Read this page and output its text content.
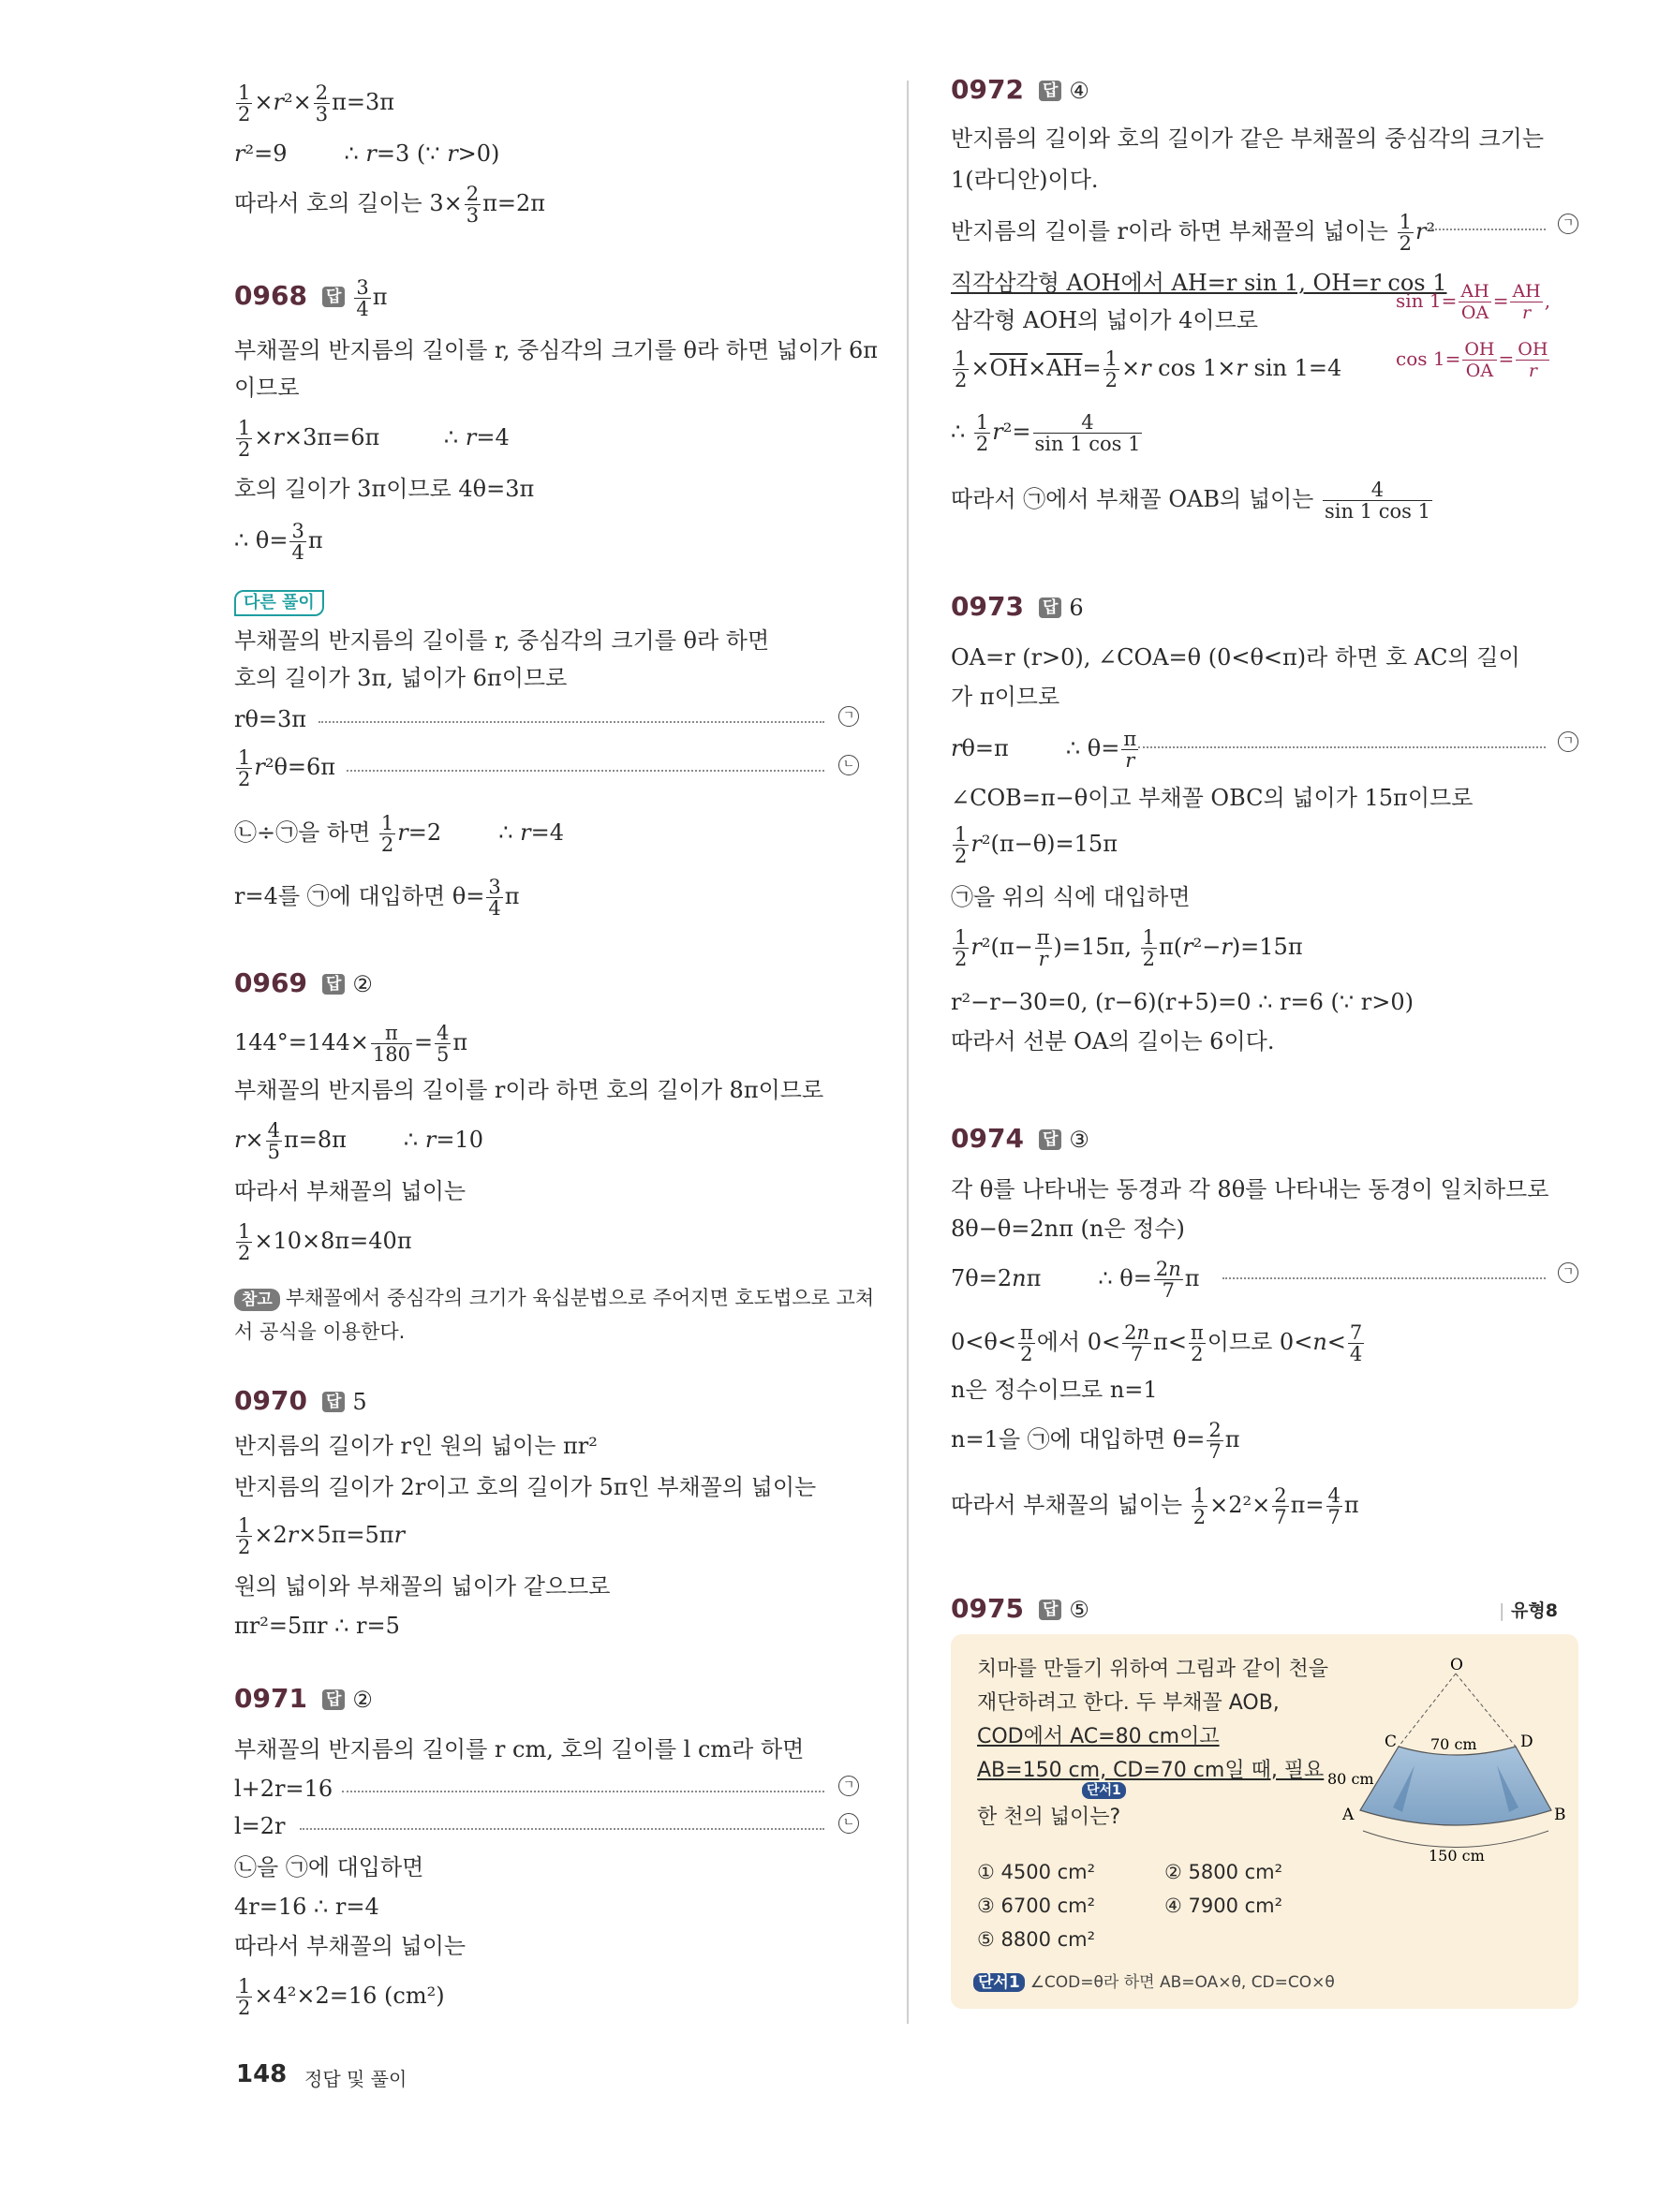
$\frac{1}{2} \times r^2\times \frac{2}{3} \pi=3\pi$
r²=9        ∴ r=3 (∵ r>0)
따라서 호의 길이는 $3\times \frac{2}{3} \pi=2\pi$
0968 답 $\frac{3}{4}$ π
부채꼴의 반지름의 길이를 r, 중심각의 크기를 θ라 하면 넓이가 6π
이므로
$\frac{1}{2} \times r\times 3\pi=6\pi$         ∴ r=4
호의 길이가 3π이므로 4θ=3π
∴ $\theta= \frac{3}{4}$ π
다른 풀이
부채꼴의 반지름의 길이를 r, 중심각의 크기를 θ라 하면
호의 길이가 3π, 넓이가 6π이므로
rθ=3π	ㄱ
$\frac{1}{2} r^2\theta=6\pi$	ㄴ
㉡÷㉠을 하면 $\frac{1}{2} r=2$        ∴ r=4
r=4를 ㉠에 대입하면 $\theta= \frac{3}{4}$ π
0969 답 ②
$144^\circ=144\times \frac{\pi}{180} = \frac{4}{5}$ π
부채꼴의 반지름의 길이를 r이라 하면 호의 길이가 8π이므로
$r\times \frac{4}{5} \pi=8\pi$        ∴ r=10
따라서 부채꼴의 넓이는
$\frac{1}{2} \times 10\times 8\pi=40\pi$
참고 부채꼴에서 중심각의 크기가 육십분법으로 주어지면 호도법으로 고쳐
서 공식을 이용한다.
0970 답 5
반지름의 길이가 r인 원의 넓이는 πr²
반지름의 길이가 2r이고 호의 길이가 5π인 부채꼴의 넓이는
$\frac{1}{2} \times 2r\times 5\pi=5\pi r$
원의 넓이와 부채꼴의 넓이가 같으므로
πr²=5πr ∴ r=5
0971 답 ②
부채꼴의 반지름의 길이를 r cm, 호의 길이를 l cm라 하면
l+2r=16	ㄱ
l=2r	ㄴ
㉡을 ㉠에 대입하면
4r=16 ∴ r=4
따라서 부채꼴의 넓이는
$\frac{1}{2} \times 4^2\times 2=16$ (cm²)
0972 답 ④
반지름의 길이와 호의 길이가 같은 부채꼴의 중심각의 크기는
1(라디안)이다.
반지름의 길이를 r이라 하면 부채꼴의 넓이는 $\frac{1}{2} r^2$	ㄱ
직각삼각형 AOH에서 AH=r sin 1, OH=r cos 1
삼각형 AOH의 넓이가 4이므로
$\sin 1= \frac{AH}{OA} = \frac{AH}{r}$ ,
$\frac{1}{2} \times\overline{OH}\times\overline{AH}= \frac{1}{2} \times r$ cos 1×r sin 1=4	$\cos 1= \frac{OH}{OA} = \frac{OH}{r}$
∴ $\frac{1}{2} r^2= \frac{4}{\sin 1 \cos 1}$
따라서 ㉠에서 부채꼴 OAB의 넓이는 $\frac{4}{\sin 1 \cos 1}$
0973 답 6
OA=r (r>0), ∠COA=θ (0<θ<π)라 하면 호 AC의 길이
가 π이므로
rθ=π        ∴ $\theta= \frac{\pi}{r}$	ㄱ
∠COB=π−θ이고 부채꼴 OBC의 넓이가 15π이므로
$\frac{1}{2} r^2(\pi-\theta)=15\pi$
㉠을 위의 식에 대입하면
$\frac{1}{2} r^2(\pi- \frac{\pi}{r} )=15\pi$, $\frac{1}{2} \pi(r^2-r)=15\pi$
r²−r−30=0, (r−6)(r+5)=0 ∴ r=6 (∵ r>0)
따라서 선분 OA의 길이는 6이다.
0974 답 ③
각 θ를 나타내는 동경과 각 8θ를 나타내는 동경이 일치하므로
8θ−θ=2nπ (n은 정수)
7θ=2nπ        ∴ $\theta= \frac{2n}{7}$ π	ㄱ
$0<\theta< \frac{\pi}{2}$ 에서 $0< \frac{2n}{7} \pi< \frac{\pi}{2}$ 이므로 $0<n< \frac{7}{4}$
n은 정수이므로 n=1
n=1을 ㉠에 대입하면 $\theta= \frac{2}{7}$ π
따라서 부채꼴의 넓이는 $\frac{1}{2} \times 2^2\times \frac{2}{7} \pi= \frac{4}{7}$ π
0975 답 ⑤	| 유형8
치마를 만들기 위하여 그림과 같이 천을
재단하려고 한다. 두 부채꼴 AOB,
COD에서 AC=80 cm이고
AB=150 cm, CD=70 cm일 때, 필요
단서1
한 천의 넓이는?
① 4500 cm²	② 5800 cm²
③ 6700 cm²	④ 7900 cm²
⑤ 8800 cm²
단서1 ∠COD=θ라 하면 AB=OA×θ, CD=CO×θ
O
C	D
A	B
70 cm
80 cm
150 cm
148 정답 및 풀이
